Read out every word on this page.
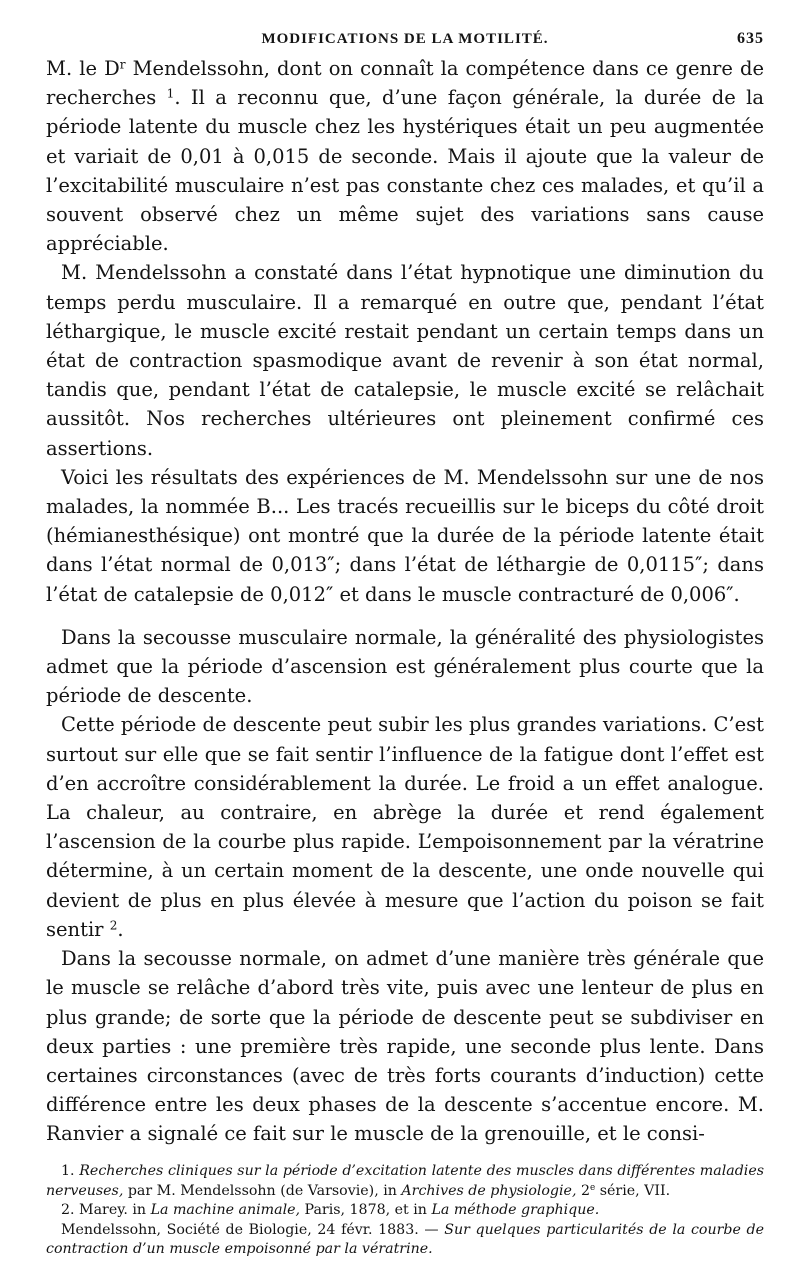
MODIFICATIONS DE LA MOTILITÉ.	635

M. le $D^r$ Mendelssohn, dont on connaît la compétence dans ce genre de recherches $^1$. Il a reconnu que, d’une façon générale, la durée de la période latente du muscle chez les hystériques était un peu augmentée et variait de 0,01 à 0,015 de seconde. Mais il ajoute que la valeur de l’excitabilité musculaire n’est pas constante chez ces malades, et qu’il a souvent observé chez un même sujet des variations sans cause appréciable.

M. Mendelssohn a constaté dans l’état hypnotique une diminution du temps perdu musculaire. Il a remarqué en outre que, pendant l’état léthargique, le muscle excité restait pendant un certain temps dans un état de contraction spasmodique avant de revenir à son état normal, tandis que, pendant l’état de catalepsie, le muscle excité se relâchait aussitôt. Nos recherches ultérieures ont pleinement confirmé ces assertions.

Voici les résultats des expériences de M. Mendelssohn sur une de nos malades, la nommée B... Les tracés recueillis sur le biceps du côté droit (hémianesthésique) ont montré que la durée de la période latente était dans l’état normal de 0,013″; dans l’état de léthargie de 0,0115″; dans l’état de catalepsie de 0,012″ et dans le muscle contracturé de 0,006″.

Dans la secousse musculaire normale, la généralité des physiologistes admet que la période d’ascension est généralement plus courte que la période de descente.

Cette période de descente peut subir les plus grandes variations. C’est surtout sur elle que se fait sentir l’influence de la fatigue dont l’effet est d’en accroître considérablement la durée. Le froid a un effet analogue. La chaleur, au contraire, en abrège la durée et rend également l’ascension de la courbe plus rapide. L’empoisonnement par la vératrine détermine, à un certain moment de la descente, une onde nouvelle qui devient de plus en plus élevée à mesure que l’action du poison se fait sentir $^2$.

Dans la secousse normale, on admet d’une manière très générale que le muscle se relâche d’abord très vite, puis avec une lenteur de plus en plus grande; de sorte que la période de descente peut se subdiviser en deux parties : une première très rapide, une seconde plus lente. Dans certaines circonstances (avec de très forts courants d’induction) cette différence entre les deux phases de la descente s’accentue encore. M. Ranvier a signalé ce fait sur le muscle de la grenouille, et le consi-

1. Recherches cliniques sur la période d’excitation latente des muscles dans différentes maladies nerveuses, par M. Mendelssohn (de Varsovie), in Archives de physiologie, 2e série, VII.

2. Marey. in La machine animale, Paris, 1878, et in La méthode graphique.

Mendelssohn, Société de Biologie, 24 févr. 1883. — Sur quelques particularités de la courbe de contraction d’un muscle empoisonné par la vératrine.
